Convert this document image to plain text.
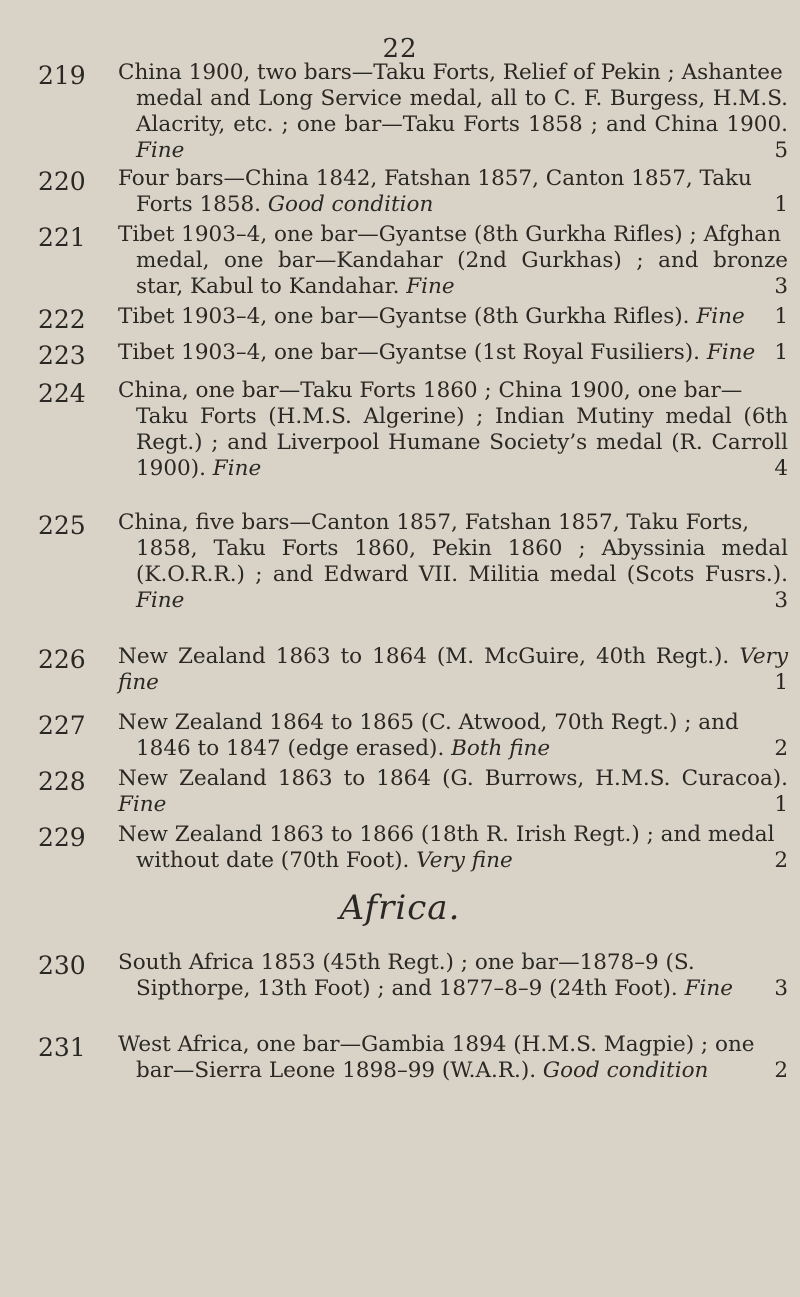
22
219	China 1900, two bars—Taku Forts, Relief of Pekin ; Ashantee
medal and Long Service medal, all to C. F. Burgess, H.M.S. Alacrity, etc. ; one bar—Taku Forts 1858 ; and China 1900. Fine	5
220	Four bars—China 1842, Fatshan 1857, Canton 1857, Taku
Forts 1858. Good condition	1
221	Tibet 1903–4, one bar—Gyantse (8th Gurkha Rifles) ; Afghan
medal, one bar—Kandahar (2nd Gurkhas) ; and bronze star, Kabul to Kandahar. Fine	3
222	Tibet 1903–4, one bar—Gyantse (8th Gurkha Rifles). Fine 1
223	Tibet 1903–4, one bar—Gyantse (1st Royal Fusiliers). Fine 1
224	China, one bar—Taku Forts 1860 ; China 1900, one bar—
Taku Forts (H.M.S. Algerine) ; Indian Mutiny medal (6th Regt.) ; and Liverpool Humane Society’s medal (R. Carroll 1900). Fine	4
225	China, five bars—Canton 1857, Fatshan 1857, Taku Forts,
1858, Taku Forts 1860, Pekin 1860 ; Abyssinia medal (K.O.R.R.) ; and Edward VII. Militia medal (Scots Fusrs.). Fine	3
226	New Zealand 1863 to 1864 (M. McGuire, 40th Regt.). Very fine	1
227	New Zealand 1864 to 1865 (C. Atwood, 70th Regt.) ; and
1846 to 1847 (edge erased). Both fine	2
228	New Zealand 1863 to 1864 (G. Burrows, H.M.S. Curacoa). Fine	1
229	New Zealand 1863 to 1866 (18th R. Irish Regt.) ; and medal
without date (70th Foot). Very fine	2
Africa.
230	South Africa 1853 (45th Regt.) ; one bar—1878–9 (S.
Sipthorpe, 13th Foot) ; and 1877–8–9 (24th Foot). Fine 3
231	West Africa, one bar—Gambia 1894 (H.M.S. Magpie) ; one
bar—Sierra Leone 1898–99 (W.A.R.). Good condition	2
